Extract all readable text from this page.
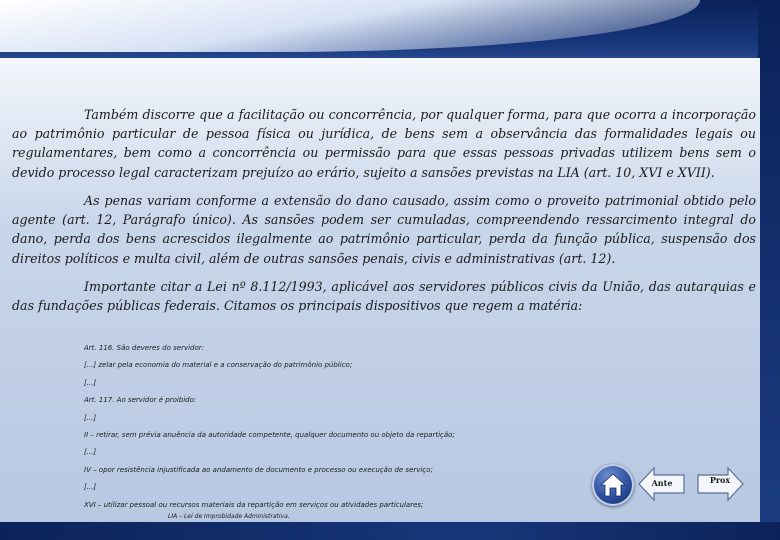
Também discorre que a facilitação ou concorrência, por qualquer forma, para que ocorra a incorporação ao patrimônio particular de pessoa física ou jurídica, de bens sem a observância das formalidades legais ou regulamentares, bem como a concorrência ou permissão para que essas pessoas privadas utilizem bens sem o devido processo legal caracterizam prejuízo ao erário, sujeito a sansões previstas na LIA (art. 10, XVI e XVII).

As penas variam conforme a extensão do dano causado, assim como o proveito patrimonial obtido pelo agente (art. 12, Parágrafo único). As sansões podem ser cumuladas, compreendendo ressarcimento integral do dano, perda dos bens acrescidos ilegalmente ao patrimônio particular, perda da função pública, suspensão dos direitos políticos e multa civil, além de outras sansões penais, civis e administrativas (art. 12).

Importante citar a Lei nº 8.112/1993, aplicável aos servidores públicos civis da União, das autarquias e das fundações públicas federais. Citamos os principais dispositivos que regem a matéria:

Art. 116. São deveres do servidor:
[...] zelar pela economia do material e a conservação do patrimônio público;
[...]
Art. 117. Ao servidor é proibido:
[...]
II – retirar, sem prévia anuência da autoridade competente, qualquer documento ou objeto da repartição;
[...]
IV – opor resistência injustificada ao andamento de documento e processo ou execução de serviço;
[...]
XVI – utilizar pessoal ou recursos materiais da repartição em serviços ou atividades particulares;
LIA – Lei de Improbidade Administrativa.
Ante	Prox
